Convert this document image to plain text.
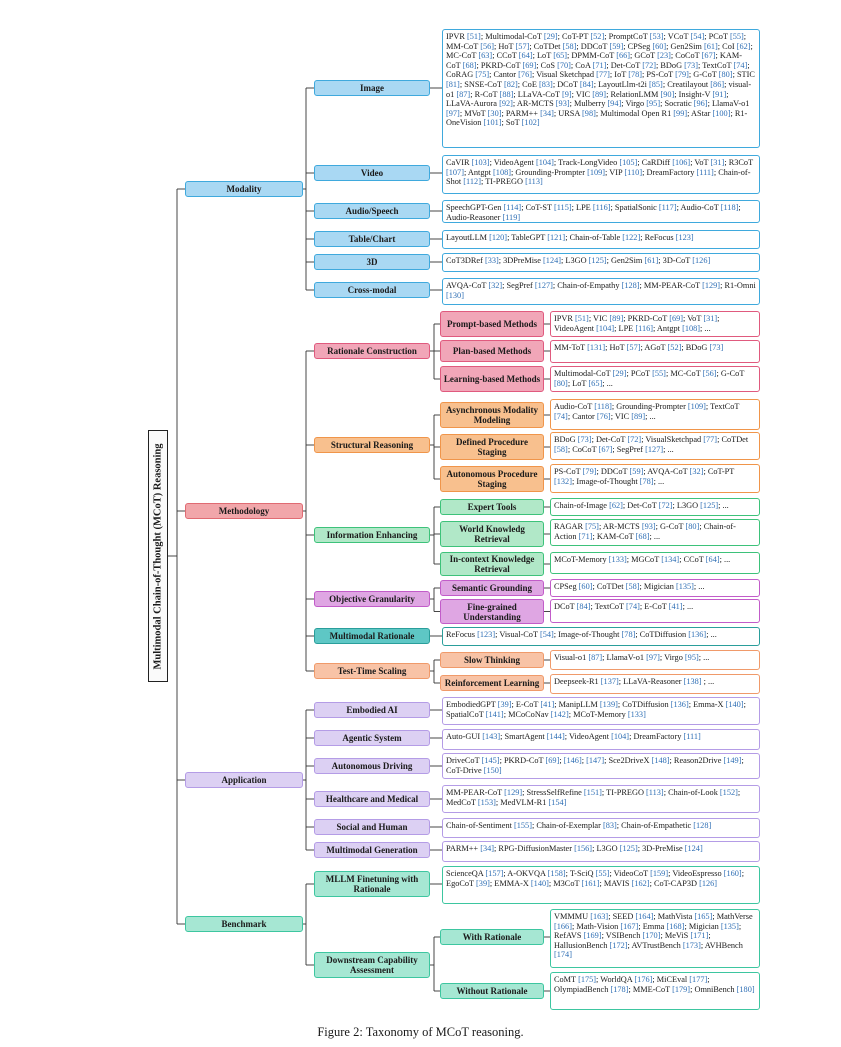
Multimodal Chain-of-Thought (MCoT) Reasoning
Modality
Image
IPVR [51]; Multimodal-CoT [29]; CoT-PT [52]; PromptCoT [53]; VCoT [54]; PCoT [55]; MM-CoT [56]; HoT [57]; CoTDet [58]; DDCoT [59]; CPSeg [60]; Gen2Sim [61]; CoI [62]; MC-CoT [63]; CCoT [64]; LoT [65]; DPMM-CoT [66]; GCoT [23]; CoCoT [67]; KAM-CoT [68]; PKRD-CoT [69]; CoS [70]; CoA [71]; Det-CoT [72]; BDoG [73]; TextCoT [74]; CoRAG [75]; Cantor [76]; Visual Sketchpad [77]; IoT [78]; PS-CoT [79]; G-CoT [80]; STIC [81]; SNSE-CoT [82]; CoE [83]; DCoT [84]; LayoutLlm-t2i [85]; Creatilayout [86]; visual-o1 [87]; R-CoT [88]; LLaVA-CoT [9]; VIC [89]; RelationLMM [90]; Insight-V [91]; LLaVA-Aurora [92]; AR-MCTS [93]; Mulberry [94]; Virgo [95]; Socratic [96]; LlamaV-o1 [97]; MVoT [30]; PARM++ [34]; URSA [98]; Multimodal Open R1 [99]; AStar [100]; R1-OneVision [101]; SoT [102]
Video
CaVIR [103]; VideoAgent [104]; Track-LongVideo [105]; CaRDiff [106]; VoT [31]; R3CoT [107]; Antgpt [108]; Grounding-Prompter [109]; VIP [110]; DreamFactory [111]; Chain-of-Shot [112]; TI-PREGO [113]
Audio/Speech	SpeechGPT-Gen [114]; CoT-ST [115]; LPE [116]; SpatialSonic [117]; Audio-CoT [118]; Audio-Reasoner [119]
Table/Chart	LayoutLLM [120]; TableGPT [121]; Chain-of-Table [122]; ReFocus [123]
3D	CoT3DRef [33]; 3DPreMise [124]; L3GO [125]; Gen2Sim [61]; 3D-CoT [126]
Cross-modal	AVQA-CoT [32]; SegPref [127]; Chain-of-Empathy [128]; MM-PEAR-CoT [129]; R1-Omni [130]
Methodology
Rationale Construction
Prompt-based Methods
IPVR [51]; VIC [89]; PKRD-CoT [69]; VoT [31]; VideoAgent [104]; LPE [116]; Antgpt [108]; ...
Plan-based Methods	MM-ToT [131]; HoT [57]; AGoT [52]; BDoG [73]
Learning-based Methods
Multimodal-CoT [29]; PCoT [55]; MC-CoT [56]; G-CoT [80]; LoT [65]; ...
Structural Reasoning
Asynchronous Modality Modeling
Audio-CoT [118]; Grounding-Prompter [109]; TextCoT [74]; Cantor [76]; VIC [89]; ...
Defined Procedure Staging
BDoG [73]; Det-CoT [72]; VisualSketchpad [77]; CoTDet [58]; CoCoT [67]; SegPref [127]; ...
Autonomous Procedure Staging
PS-CoT [79]; DDCoT [59]; AVQA-CoT [32]; CoT-PT [132]; Image-of-Thought [78]; ...
Information Enhancing
Expert Tools	Chain-of-Image [62]; Det-CoT [72]; L3GO [125]; ...
World Knowledg Retrieval
RAGAR [75]; AR-MCTS [93]; G-CoT [80]; Chain-of-Action [71]; KAM-CoT [68]; ...
In-context Knowledge Retrieval
MCoT-Memory [133]; MGCoT [134]; CCoT [64]; ...
Objective Granularity
Semantic Grounding	CPSeg [60]; CoTDet [58]; Migician [135]; ...
Fine-grained Understanding
DCoT [84]; TextCoT [74]; E-CoT [41]; ...
Multimodal Rationale	ReFocus [123]; Visual-CoT [54]; Image-of-Thought [78]; CoTDiffusion [136]; ...
Test-Time Scaling
Slow Thinking	Visual-o1 [87]; LlamaV-o1 [97]; Virgo [95]; ...
Reinforcement Learning	Deepseek-R1 [137]; LLaVA-Reasoner [138] ; ...
Application
Embodied AI
EmbodiedGPT [39]; E-CoT [41]; ManipLLM [139]; CoTDiffusion [136]; Emma-X [140]; SpatialCoT [141]; MCoCoNav [142]; MCoT-Memory [133]
Agentic System	Auto-GUI [143]; SmartAgent [144]; VideoAgent [104]; DreamFactory [111]
Autonomous Driving
DriveCoT [145]; PKRD-CoT [69]; [146]; [147]; Sce2DriveX [148]; Reason2Drive [149]; CoT-Drive [150]
Healthcare and Medical
MM-PEAR-CoT [129]; StressSelfRefine [151]; TI-PREGO [113]; Chain-of-Look [152]; MedCoT [153]; MedVLM-R1 [154]
Social and Human	Chain-of-Sentiment [155]; Chain-of-Exemplar [83]; Chain-of-Empathetic [128]
Multimodal Generation	PARM++ [34]; RPG-DiffusionMaster [156]; L3GO [125]; 3D-PreMise [124]
Benchmark
MLLM Finetuning with Rationale
ScienceQA [157]; A-OKVQA [158]; T-SciQ [55]; VideoCoT [159]; VideoEspresso [160]; EgoCoT [39]; EMMA-X [140]; M3CoT [161]; MAVIS [162]; CoT-CAP3D [126]
Downstream Capability Assessment
With Rationale
VMMMU [163]; SEED [164]; MathVista [165]; MathVerse [166]; Math-Vision [167]; Emma [168]; Migician [135]; RefAVS [169]; VSIBench [170]; MeViS [171]; HallusionBench [172]; AVTrustBench [173]; AVHBench [174]
Without Rationale
CoMT [175]; WorldQA [176]; MiCEval [177]; OlympiadBench [178]; MME-CoT [179]; OmniBench [180]
Figure 2: Taxonomy of MCoT reasoning.
